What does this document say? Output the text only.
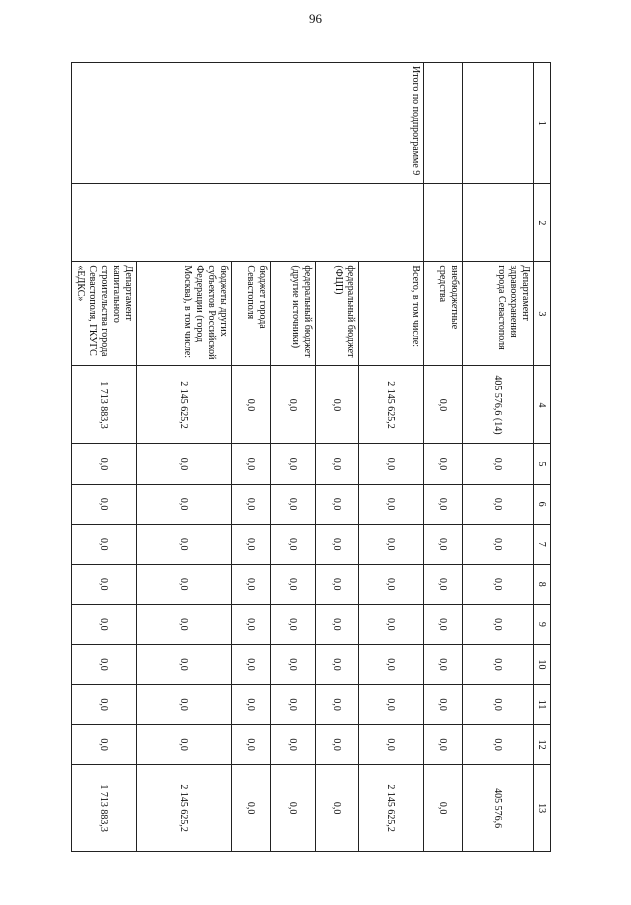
96
1	2	3	4	5	6	7	8	9	10	11	12	13
		Департамент здравоохранения города Севастополя	405 576,6 (14)	0,0	0,0	0,0	0,0	0,0	0,0	0,0	0,0	405 576,6
		внебюджетные средства	0,0	0,0	0,0	0,0	0,0	0,0	0,0	0,0	0,0	0,0
Итого по подпрограмме 9		Всего, в том числе:	2 145 625,2	0,0	0,0	0,0	0,0	0,0	0,0	0,0	0,0	2 145 625,2
		федеральный бюджет (ФЦП)	0,0	0,0	0,0	0,0	0,0	0,0	0,0	0,0	0,0	0,0
		федеральный бюджет (другие источники)	0,0	0,0	0,0	0,0	0,0	0,0	0,0	0,0	0,0	0,0
		бюджет города Севастополя	0,0	0,0	0,0	0,0	0,0	0,0	0,0	0,0	0,0	0,0
		бюджеты других субъектов Российской Федерации (город Москва), в том числе:	2 145 625,2	0,0	0,0	0,0	0,0	0,0	0,0	0,0	0,0	2 145 625,2
		Департамент капитального строительства города Севастополя, ГКУГС «ЕДКС»	1 713 883,3	0,0	0,0	0,0	0,0	0,0	0,0	0,0	0,0	1 713 883,3
